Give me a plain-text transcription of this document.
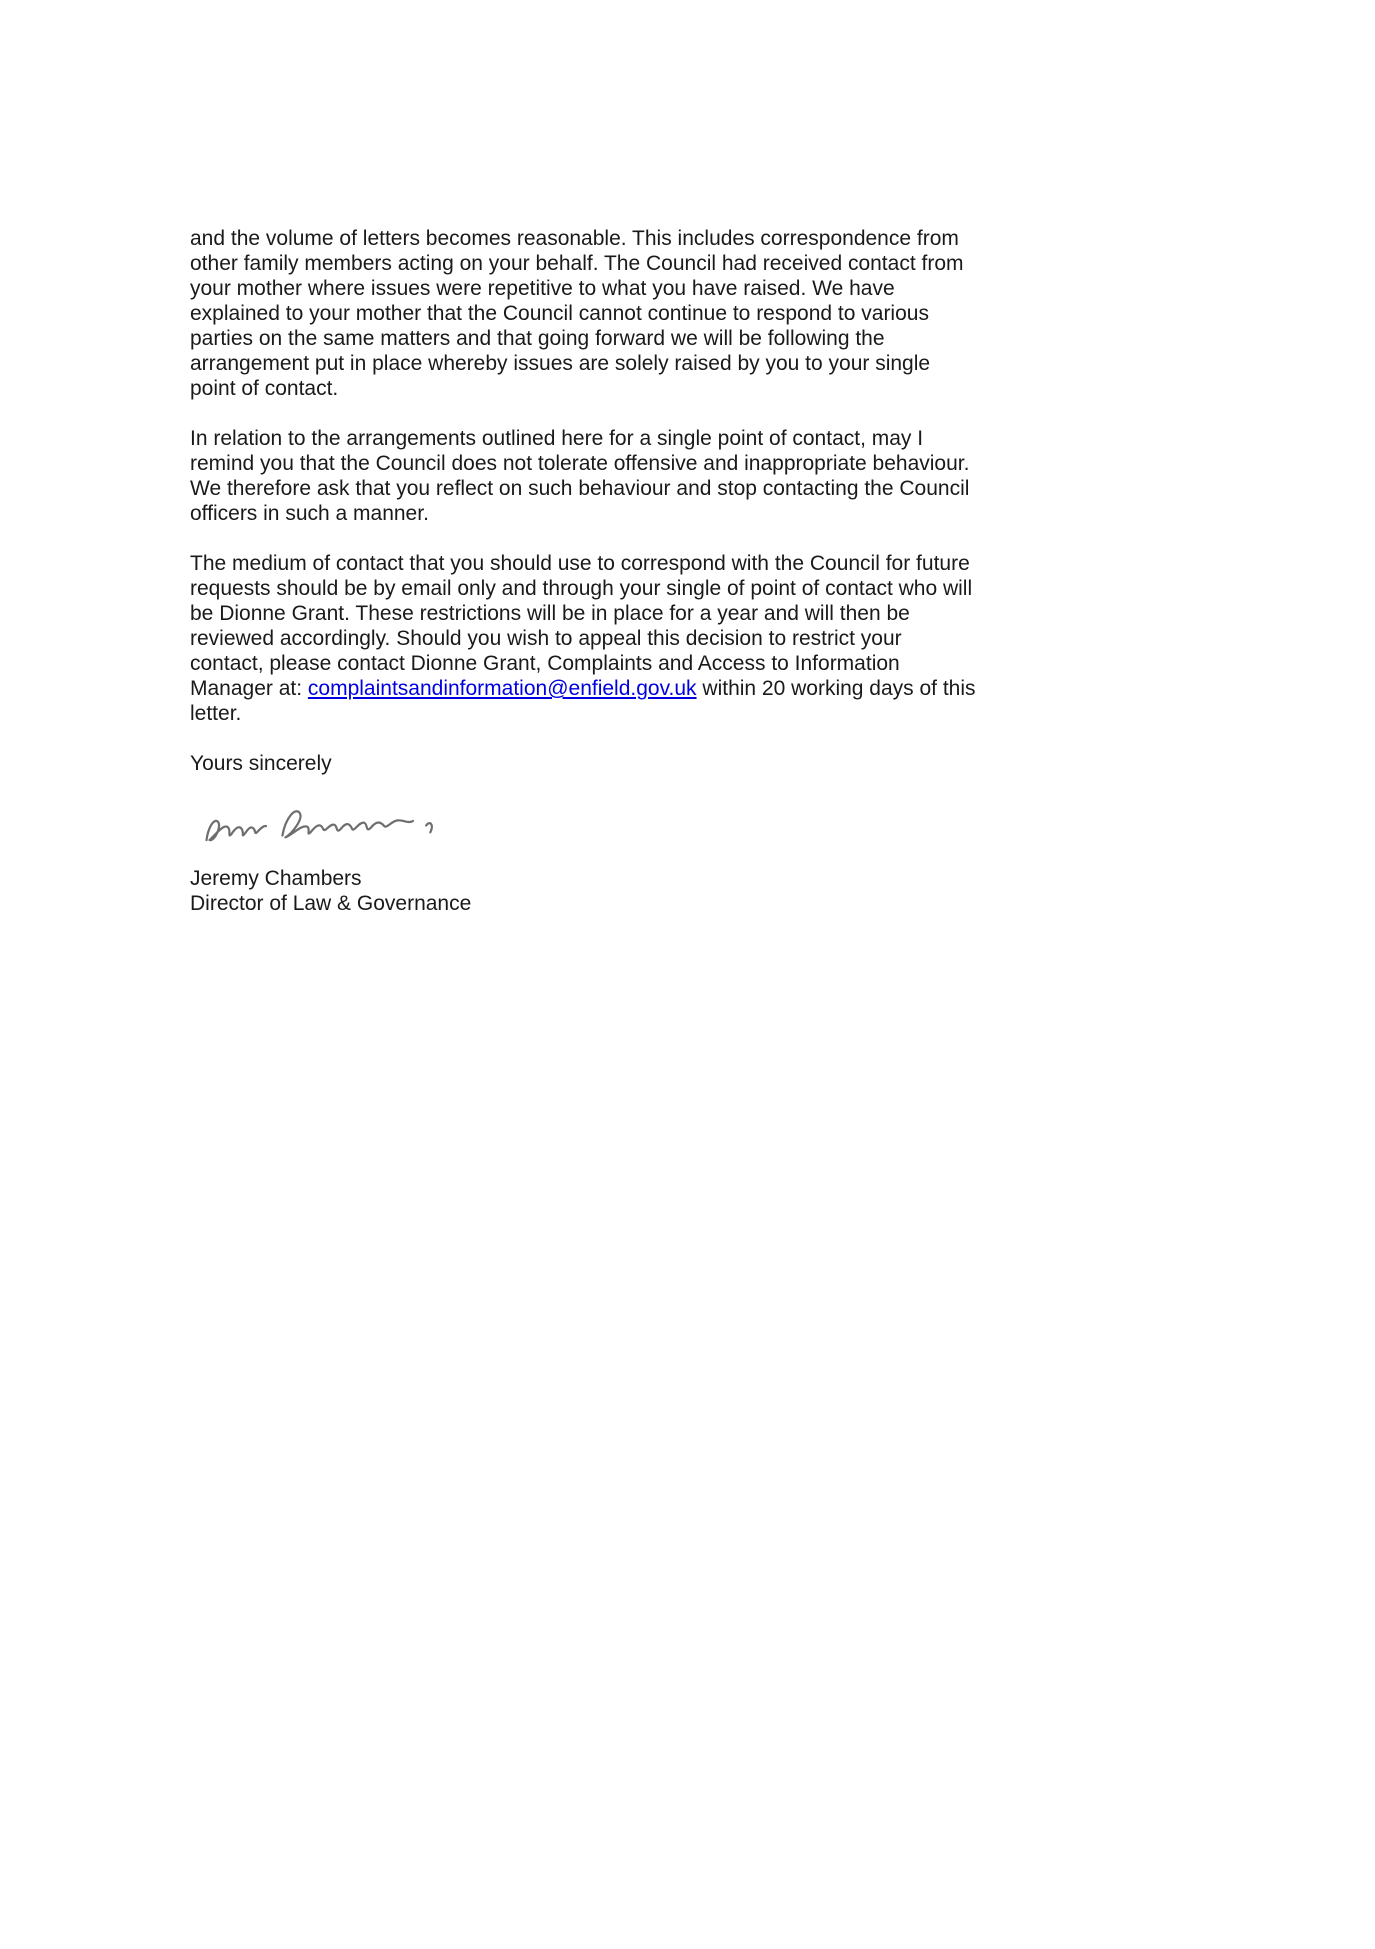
and the volume of letters becomes reasonable. This includes correspondence from other family members acting on your behalf. The Council had received contact from your mother where issues were repetitive to what you have raised. We have explained to your mother that the Council cannot continue to respond to various parties on the same matters and that going forward we will be following the arrangement put in place whereby issues are solely raised by you to your single point of contact.

In relation to the arrangements outlined here for a single point of contact, may I remind you that the Council does not tolerate offensive and inappropriate behaviour. We therefore ask that you reflect on such behaviour and stop contacting the Council officers in such a manner.

The medium of contact that you should use to correspond with the Council for future requests should be by email only and through your single of point of contact who will be Dionne Grant. These restrictions will be in place for a year and will then be reviewed accordingly. Should you wish to appeal this decision to restrict your contact, please contact Dionne Grant, Complaints and Access to Information Manager at: complaintsandinformation@enfield.gov.uk within 20 working days of this letter.

Yours sincerely

Jeremy Chambers

Director of Law & Governance
